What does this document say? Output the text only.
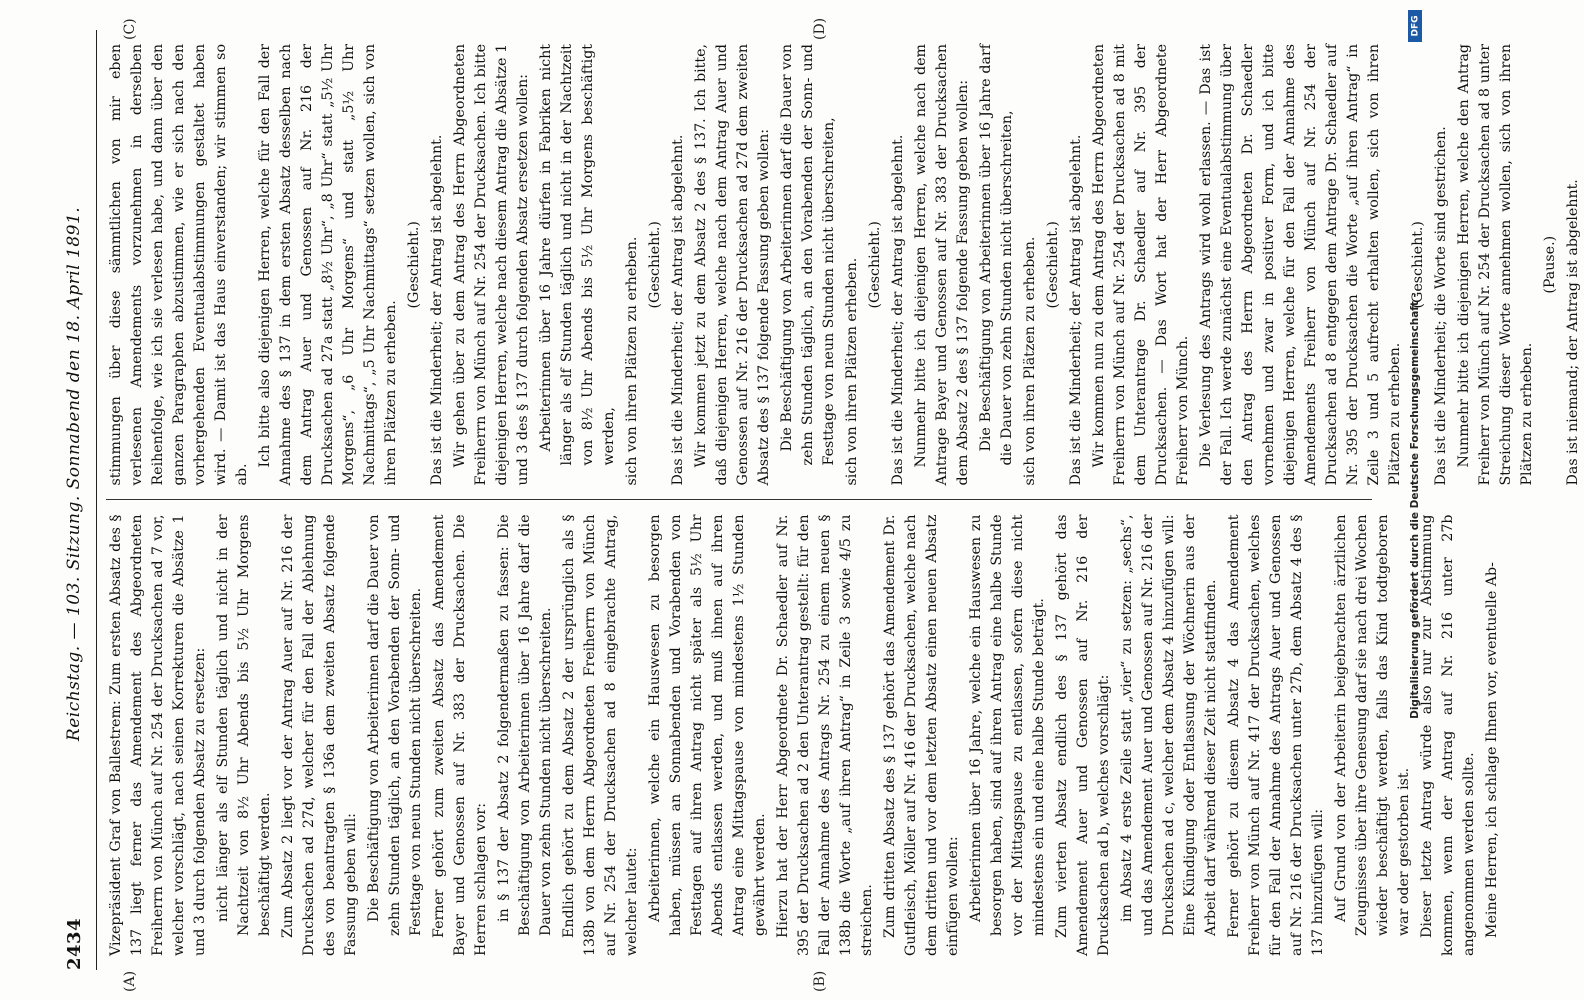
2434
Reichstag. — 103. Sitzung. Sonnabend den 18. April 1891.
(A)	(B)
(C)	(D)

Vizepräsident Graf von Ballestrem: Zum ersten Absatz des § 137 liegt ferner das Amendement des Abgeordneten Freiherrn von Münch auf Nr. 254 der Drucksachen ad 7 vor, welcher vorschlägt, nach seinen Korrekturen die Absätze 1 und 3 durch folgenden Absatz zu ersetzen: nicht länger als elf Stunden täglich und nicht in der Nachtzeit von 8½ Uhr Abends bis 5½ Uhr Morgens beschäftigt werden. Zum Absatz 2 liegt vor der Antrag Auer auf Nr. 216 der Drucksachen ad 27d, welcher für den Fall der Ablehnung des von beantragten § 136a dem zweiten Absatz folgende Fassung geben will: Die Beschäftigung von Arbeiterinnen darf die Dauer von zehn Stunden täglich, an den Vorabenden der Sonn- und Festtage von neun Stunden nicht überschreiten. Ferner gehört zum zweiten Absatz das Amendement Bayer und Genossen auf Nr. 383 der Drucksachen. Die Herren schlagen vor: in § 137 der Absatz 2 folgendermaßen zu fassen: Die Beschäftigung von Arbeiterinnen über 16 Jahre darf die Dauer von zehn Stunden nicht überschreiten. Endlich gehört zu dem Absatz 2 der ursprünglich als § 138b von dem Herrn Abgeordneten Freiherrn von Münch auf Nr. 254 der Drucksachen ad 8 eingebrachte Antrag, welcher lautet: Arbeiterinnen, welche ein Hauswesen zu besorgen haben, müssen an Sonnabenden und Vorabenden von Festtagen auf ihren Antrag nicht später als 5½ Uhr Abends entlassen werden, und muß ihnen auf ihren Antrag eine Mittagspause von mindestens 1½ Stunden gewährt werden. Hierzu hat der Herr Abgeordnete Dr. Schaedler auf Nr. 395 der Drucksachen ad 2 den Unterantrag gestellt: für den Fall der Annahme des Antrags Nr. 254 zu einem neuen § 138b die Worte „auf ihren Antrag“ in Zeile 3 sowie 4/5 zu streichen. Zum dritten Absatz des § 137 gehört das Amendement Dr. Gutfleisch, Möller auf Nr. 416 der Drucksachen, welche nach dem dritten und vor dem letzten Absatz einen neuen Absatz einfügen wollen: Arbeiterinnen über 16 Jahre, welche ein Hauswesen zu besorgen haben, sind auf ihren Antrag eine halbe Stunde vor der Mittagspause zu entlassen, sofern diese nicht mindestens ein und eine halbe Stunde beträgt. Zum vierten Absatz endlich des § 137 gehört das Amendement Auer und Genossen auf Nr. 216 der Drucksachen ad b, welches vorschlägt: im Absatz 4 erste Zeile statt „vier“ zu setzen: „sechs“, und das Amendement Auer und Genossen auf Nr. 216 der Drucksachen ad c, welcher dem Absatz 4 hinzufügen will: Eine Kündigung oder Entlassung der Wöchnerin aus der Arbeit darf während dieser Zeit nicht stattfinden. Ferner gehört zu diesem Absatz 4 das Amendement Freiherr von Münch auf Nr. 417 der Drucksachen, welches für den Fall der Annahme des Antrags Auer und Genossen auf Nr. 216 der Drucksachen unter 27b, dem Absatz 4 des § 137 hinzufügen will: Auf Grund von der Arbeiterin beigebrachten ärztlichen Zeugnisses über ihre Genesung darf sie nach drei Wochen wieder beschäftigt werden, falls das Kind todtgeboren war oder gestorben ist. Dieser letzte Antrag würde also nur zur Abstimmung kommen, wenn der Antrag auf Nr. 216 unter 27b angenommen werden sollte. Meine Herren, ich schlage Ihnen vor, eventuelle Ab-

stimmungen über diese sämmtlichen von mir eben verlesenen Amendements vorzunehmen in derselben Reihenfolge, wie ich sie verlesen habe, und dann über den ganzen Paragraphen abzustimmen, wie er sich nach den vorhergehenden Eventualabstimmungen gestaltet haben wird. — Damit ist das Haus einverstanden; wir stimmen so ab.

Ich bitte also diejenigen Herren, welche für den Fall der Annahme des § 137 in dem ersten Absatz desselben nach dem Antrag Auer und Genossen auf Nr. 216 der Drucksachen ad 27a statt „8½ Uhr“, „8 Uhr“ statt „5½ Uhr Morgens“, „6 Uhr Morgens“ und statt „5½ Uhr Nachmittags“, „5 Uhr Nachmittags“ setzen wollen, sich von ihren Plätzen zu erheben.

(Geschieht.) Das ist die Minderheit; der Antrag ist abgelehnt. Wir gehen über zu dem Antrag des Herrn Abgeordneten Freiherrn von Münch auf Nr. 254 der Drucksachen. Ich bitte diejenigen Herren, welche nach diesem Antrag die Absätze 1 und 3 des § 137 durch folgenden Absatz ersetzen wollen: Arbeiterinnen über 16 Jahre dürfen in Fabriken nicht länger als elf Stunden täglich und nicht in der Nachtzeit von 8½ Uhr Abends bis 5½ Uhr Morgens beschäftigt werden, sich von ihren Plätzen zu erheben. (Geschieht.) Das ist die Minderheit; der Antrag ist abgelehnt. Wir kommen jetzt zu dem Absatz 2 des § 137. Ich bitte, daß diejenigen Herren, welche nach dem Antrag Auer und Genossen auf Nr. 216 der Drucksachen ad 27d dem zweiten Absatz des § 137 folgende Fassung geben wollen: Die Beschäftigung von Arbeiterinnen darf die Dauer von zehn Stunden täglich, an den Vorabenden der Sonn- und Festtage von neun Stunden nicht überschreiten, sich von ihren Plätzen erheben. (Geschieht.) Das ist die Minderheit; der Antrag ist abgelehnt. Nunmehr bitte ich diejenigen Herren, welche nach dem Antrage Bayer und Genossen auf Nr. 383 der Drucksachen dem Absatz 2 des § 137 folgende Fassung geben wollen: Die Beschäftigung von Arbeiterinnen über 16 Jahre darf die Dauer von zehn Stunden nicht überschreiten, sich von ihren Plätzen zu erheben. (Geschieht.) Das ist die Minderheit; der Antrag ist abgelehnt. Wir kommen nun zu dem Antrag des Herrn Abgeordneten Freiherrn von Münch auf Nr. 254 der Drucksachen ad 8 mit dem Unterantrage Dr. Schaedler auf Nr. 395 der Drucksachen. — Das Wort hat der Herr Abgeordnete Freiherr von Münch. Die Verlesung des Antrags wird wohl erlassen. — Das ist der Fall. Ich werde zunächst eine Eventualabstimmung über den Antrag des Herrn Abgeordneten Dr. Schaedler vornehmen und zwar in positiver Form, und ich bitte diejenigen Herren, welche für den Fall der Annahme des Amendements Freiherr von Münch auf Nr. 254 der Drucksachen ad 8 entgegen dem Antrage Dr. Schaedler auf Nr. 395 der Drucksachen die Worte „auf ihren Antrag“ in Zeile 3 und 5 aufrecht erhalten wollen, sich von ihren Plätzen zu erheben.

(Geschieht.) Das ist die Minderheit; die Worte sind gestrichen. Nunmehr bitte ich diejenigen Herren, welche den Antrag Freiherr von Münch auf Nr. 254 der Drucksachen ad 8 unter Streichung dieser Worte annehmen wollen, sich von ihren Plätzen zu erheben.

(Pause.) Das ist niemand; der Antrag ist abgelehnt.

DFG
Digitalisierung gefördert durch die Deutsche Forschungsgemeinschaft -
